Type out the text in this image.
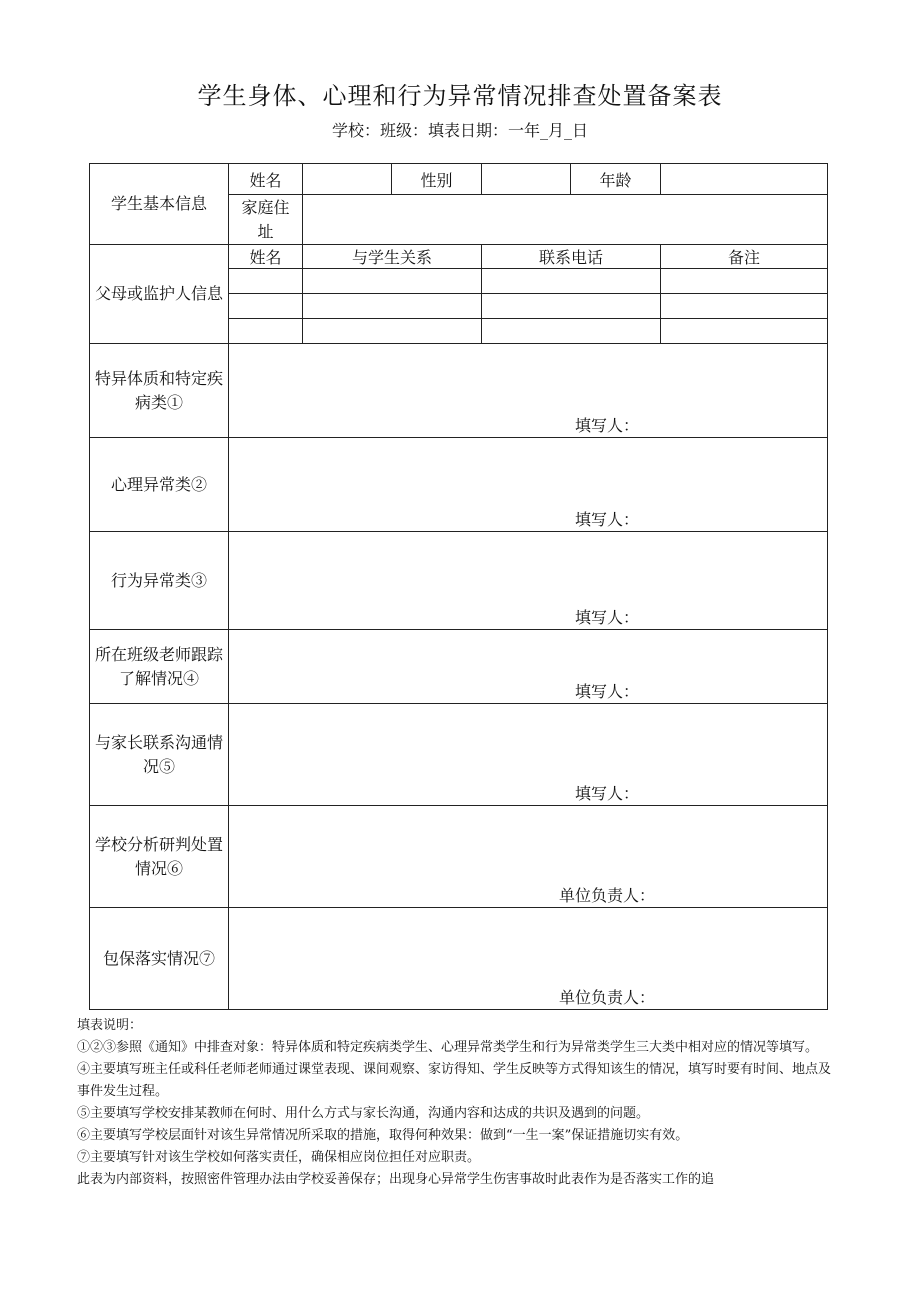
学生身体、心理和行为异常情况排查处置备案表
学校：班级：填表日期：一年_月_日
学生基本信息	姓名		性别		年龄	
	家庭住址					
父母或监护人信息	姓名	与学生关系		联系电话		备注

特异体质和特定疾病类①	填写人：					

心理异常类②	填写人：					

行为异常类③	填写人：					

所在班级老师跟踪了解情况④	填写人：					

与家长联系沟通情况⑤	填写人：					

学校分析研判处置情况⑥	单位负责人：					

包保落实情况⑦	单位负责人：					

填表说明：

①②③参照《通知》中排查对象：特异体质和特定疾病类学生、心理异常类学生和行为异常类学生三大类中相对应的情况等填写。

④主要填写班主任或科任老师老师通过课堂表现、课间观察、家访得知、学生反映等方式得知该生的情况，填写时要有时间、地点及事件发生过程。

⑤主要填写学校安排某教师在何时、用什么方式与家长沟通，沟通内容和达成的共识及遇到的问题。

⑥主要填写学校层面针对该生异常情况所采取的措施，取得何种效果：做到“一生一案”保证措施切实有效。

⑦主要填写针对该生学校如何落实责任，确保相应岗位担任对应职责。

此表为内部资料，按照密件管理办法由学校妥善保存；出现身心异常学生伤害事故时此表作为是否落实工作的追
